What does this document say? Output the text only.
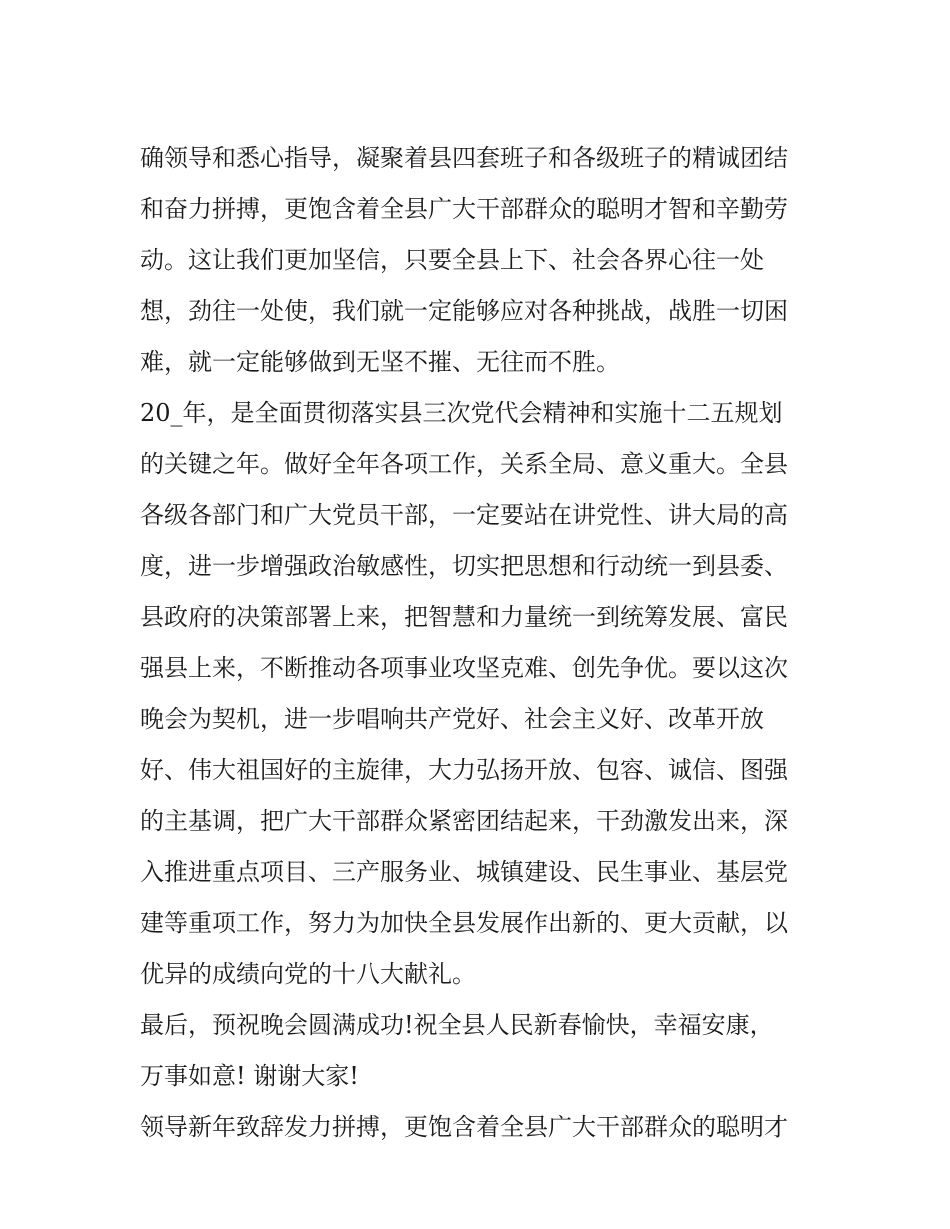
确领导和悉心指导，凝聚着县四套班子和各级班子的精诚团结
和奋力拼搏，更饱含着全县广大干部群众的聪明才智和辛勤劳
动。这让我们更加坚信，只要全县上下、社会各界心往一处
想，劲往一处使，我们就一定能够应对各种挑战，战胜一切困
难，就一定能够做到无坚不摧、无往而不胜。
20_年，是全面贯彻落实县三次党代会精神和实施十二五规划
的关键之年。做好全年各项工作，关系全局、意义重大。全县
各级各部门和广大党员干部，一定要站在讲党性、讲大局的高
度，进一步增强政治敏感性，切实把思想和行动统一到县委、
县政府的决策部署上来，把智慧和力量统一到统筹发展、富民
强县上来，不断推动各项事业攻坚克难、创先争优。要以这次
晚会为契机，进一步唱响共产党好、社会主义好、改革开放
好、伟大祖国好的主旋律，大力弘扬开放、包容、诚信、图强
的主基调，把广大干部群众紧密团结起来，干劲激发出来，深
入推进重点项目、三产服务业、城镇建设、民生事业、基层党
建等重项工作，努力为加快全县发展作出新的、更大贡献，以
优异的成绩向党的十八大献礼。
最后，预祝晚会圆满成功!祝全县人民新春愉快，幸福安康，
万事如意! 谢谢大家!
领导新年致辞发力拼搏，更饱含着全县广大干部群众的聪明才
